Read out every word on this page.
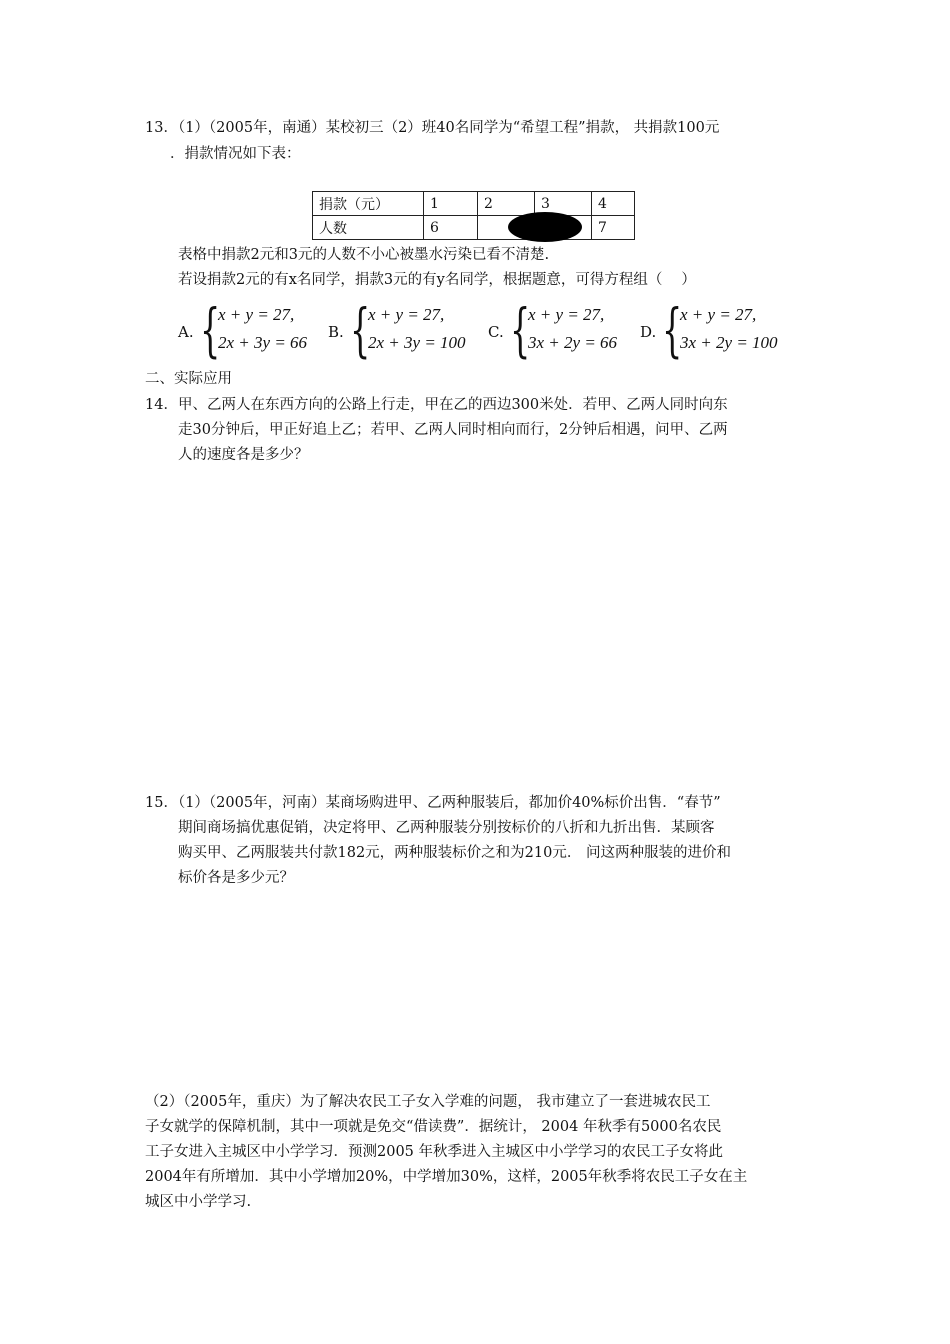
13．（1）（2005年，南通）某校初三（2）班40名同学为“希望工程”捐款， 共捐款100元
．捐款情况如下表：
捐款（元）	1	2	3	4
人数	6			7
表格中捐款2元和3元的人数不小心被墨水污染已看不清楚.
若设捐款2元的有x名同学，捐款3元的有y名同学，根据题意，可得方程组（　 ）
A. {
x + y = 27,
2x + 3y = 66
B. {
x + y = 27,
2x + 3y = 100
C. {
x + y = 27,
3x + 2y = 66
D. {
x + y = 27,
3x + 2y = 100
二、实际应用
14．甲、乙两人在东西方向的公路上行走，甲在乙的西边300米处．若甲、乙两人同时向东
走30分钟后，甲正好追上乙；若甲、乙两人同时相向而行，2分钟后相遇，问甲、乙两
人的速度各是多少？
15．（1）（2005年，河南）某商场购进甲、乙两种服装后，都加价40%标价出售．“春节”
期间商场搞优惠促销，决定将甲、乙两种服装分别按标价的八折和九折出售．某顾客
购买甲、乙两服装共付款182元，两种服装标价之和为210元． 问这两种服装的进价和
标价各是多少元？
（2）（2005年，重庆）为了解决农民工子女入学难的问题， 我市建立了一套进城农民工
子女就学的保障机制，其中一项就是免交“借读费”．据统计， 2004 年秋季有5000名农民
工子女进入主城区中小学学习．预测2005 年秋季进入主城区中小学学习的农民工子女将此
2004年有所增加．其中小学增加20%，中学增加30%，这样，2005年秋季将农民工子女在主
城区中小学学习.
